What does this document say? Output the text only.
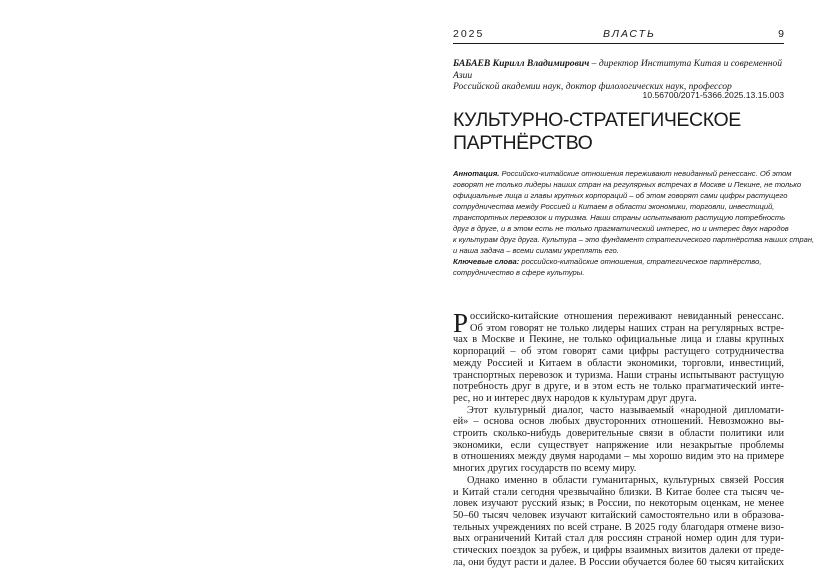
2025	ВЛАСТЬ	9
БАБАЕВ Кирилл Владимирович – директор Института Китая и современной Азии
Российской академии наук, доктор филологических наук, профессор
10.56700/2071-5366.2025.13.15.003
КУЛЬТУРНО-СТРАТЕГИЧЕСКОЕ
ПАРТНЁРСТВО
Аннотация. Российско-китайские отношения переживают невиданный ренессанс. Об этом
говорят не только лидеры наших стран на регулярных встречах в Москве и Пекине, не только
официальные лица и главы крупных корпораций – об этом говорят сами цифры растущего
сотрудничества между Россией и Китаем в области экономики, торговли, инвестиций,
транспортных перевозок и туризма. Наши страны испытывают растущую потребность
друг в друге, и в этом есть не только прагматический интерес, но и интерес двух народов
к культурам друг друга. Культура – это фундамент стратегического партнёрства наших стран,
и наша задача – всеми силами укреплять его.
Ключевые слова: российско-китайские отношения, стратегическое партнёрство,
сотрудничество в сфере культуры.
Р оссийско-китайские отношения переживают невиданный ренессанс.
Об этом говорят не только лидеры наших стран на регулярных встре-
чах в Москве и Пекине, не только официальные лица и главы крупных
корпораций – об этом говорят сами цифры растущего сотрудничества
между Россией и Китаем в области экономики, торговли, инвестиций,
транспортных перевозок и туризма. Наши страны испытывают растущую
потребность друг в друге, и в этом есть не только прагматический инте-
рес, но и интерес двух народов к культурам друг друга.
Этот культурный диалог, часто называемый «народной дипломати-
ей» – основа основ любых двусторонних отношений. Невозможно вы-
строить сколько-нибудь доверительные связи в области политики или
экономики, если существует напряжение или незакрытые проблемы
в отношениях между двумя народами – мы хорошо видим это на примере
многих других государств по всему миру.
Однако именно в области гуманитарных, культурных связей Россия
и Китай стали сегодня чрезвычайно близки. В Китае более ста тысяч че-
ловек изучают русский язык; в России, по некоторым оценкам, не менее
50–60 тысяч человек изучают китайский самостоятельно или в образова-
тельных учреждениях по всей стране. В 2025 году благодаря отмене визо-
вых ограничений Китай стал для россиян страной номер один для тури-
стических поездок за рубеж, и цифры взаимных визитов далеки от преде-
ла, они будут расти и далее. В России обучается более 60 тысяч китайских
